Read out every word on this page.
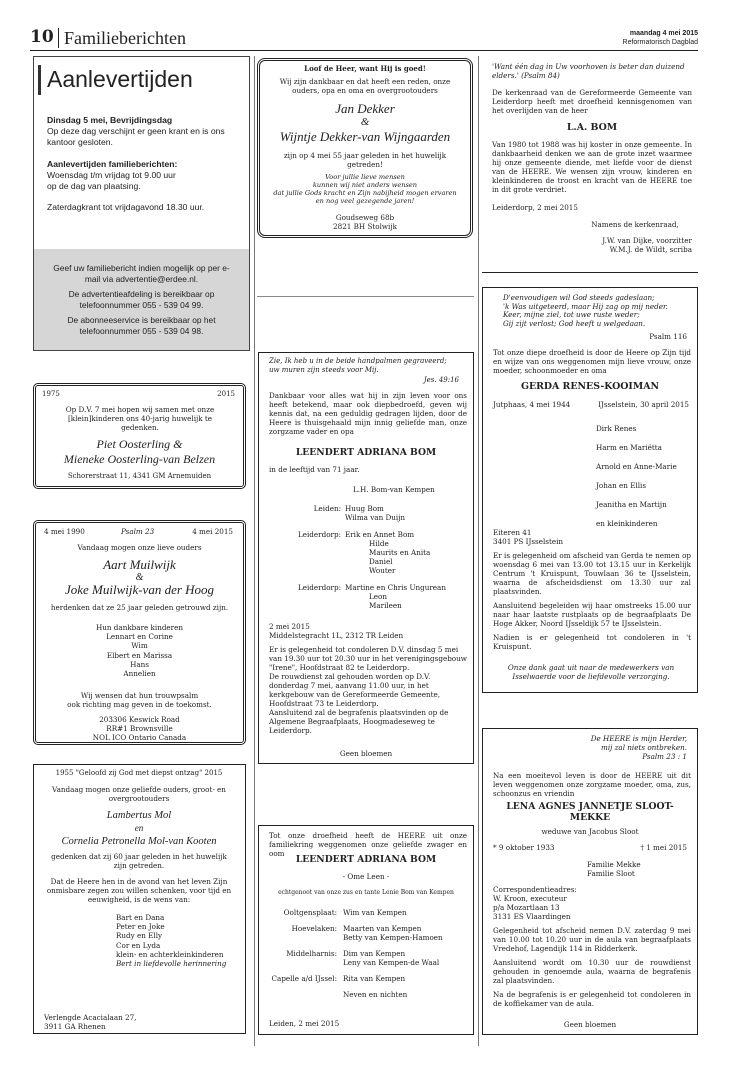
10 Familieberichten	maandag 4 mei 2015
Reformatorisch Dagblad
Aanlevertijden
Dinsdag 5 mei, Bevrijdingsdag
Op deze dag verschijnt er geen krant en is ons kantoor gesloten.
Aanlevertijden familieberichten:
Woensdag t/m vrijdag tot 9.00 uur
op de dag van plaatsing.
Zaterdagkrant tot vrijdagavond 18.30 uur.
Geef uw familiebericht indien mogelijk op per e-mail via advertentie@erdee.nl.
De advertentieafdeling is bereikbaar op telefoonnummer 055 - 539 04 99.
De abonneeservice is bereikbaar op het telefoonnummer 055 - 539 04 98.
1975	2015
Op D.V. 7 mei hopen wij samen met onze [klein]kinderen ons 40-jarig huwelijk te gedenken.
Piet Oosterling &
Mieneke Oosterling-van Belzen
Schorerstraat 11, 4341 GM Arnemuiden
4 mei 1990	Psalm 23	4 mei 2015
Vandaag mogen onze lieve ouders
Aart Muilwijk
&
Joke Muilwijk-van der Hoog
herdenken dat ze 25 jaar geleden getrouwd zijn.
Hun dankbare kinderen
Lennart en Corine
Wim
Elbert en Marissa
Hans
Annelien
Wij wensen dat hun trouwpsalm
ook richting mag geven in de toekomst.
203306 Keswick Road
RR#1 Brownsville
NOL ICO Ontario Canada
1955 "Geloofd zij God met diepst ontzag" 2015
Vandaag mogen onze geliefde ouders, groot- en overgrootouders
Lambertus Mol
en
Cornelia Petronella Mol-van Kooten
gedenken dat zij 60 jaar geleden in het huwelijk zijn getreden.
Dat de Heere hen in de avond van het leven Zijn onmisbare zegen zou willen schenken, voor tijd en eeuwigheid, is de wens van:
Bart en Dana
Peter en Joke
Rudy en Elly
Cor en Lyda
klein- en achterkleinkinderen
Bert in liefdevolle herinnering
Verlengde Acacialaan 27,
3911 GA Rhenen
Loof de Heer, want Hij is goed!
Wij zijn dankbaar en dat heeft een reden, onze ouders, opa en oma en overgrootouders
Jan Dekker
&
Wijntje Dekker-van Wijngaarden
zijn op 4 mei 55 jaar geleden in het huwelijk getreden!
Voor jullie lieve mensen
kunnen wij niet anders wensen
dat jullie Gods kracht en Zijn nabijheid mogen ervaren
en nog veel gezegende jaren!
Goudseweg 68b
2821 BH Stolwijk
Zie, Ik heb u in de beide handpalmen gegraveerd;
uw muren zijn steeds voor Mij.
Jes. 49:16
Dankbaar voor alles wat hij in zijn leven voor ons heeft betekend, maar ook diepbedroefd, geven wij kennis dat, na een geduldig gedragen lijden, door de Heere is thuisgehaald mijn innig geliefde man, onze zorgzame vader en opa
LEENDERT ADRIANA BOM
in de leeftijd van 71 jaar.
L.H. Bom-van Kempen
Leiden: Huug Bom
Wilma van Duijn
Leiderdorp: Erik en Annet Bom
Hilde
Maurits en Anita
Daniel
Wouter
Leiderdorp: Martine en Chris Ungurean
Leon
Marileen
2 mei 2015
Middelstegracht 1L, 2312 TR Leiden
Er is gelegenheid tot condoleren D.V. dinsdag 5 mei van 19.30 uur tot 20.30 uur in het verenigingsgebouw "Irene", Hoofdstraat 82 te Leiderdorp.
De rouwdienst zal gehouden worden op D.V. donderdag 7 mei, aanvang 11.00 uur, in het kerkgebouw van de Gereformeerde Gemeente, Hoofdstraat 73 te Leiderdorp.
Aansluitend zal de begrafenis plaatsvinden op de Algemene Begraafplaats, Hoogmadeseweg te Leiderdorp.
Geen bloemen
Tot onze droefheid heeft de HEERE uit onze familiekring weggenomen onze geliefde zwager en oom
LEENDERT ADRIANA BOM
- Ome Leen -
echtgenoot van onze zus en tante Lenie Bom van Kempen
Ooltgensplaat: Wim van Kempen
Hoevelaken: Maarten van Kempen
Betty van Kempen-Hamoen
Middelharnis: Dim van Kempen
Leny van Kempen-de Waal
Capelle a/d IJssel: Rita van Kempen
Neven en nichten
Leiden, 2 mei 2015
'Want één dag in Uw voorhoven is beter dan duizend elders.' (Psalm 84)
De kerkenraad van de Gereformeerde Gemeente van Leiderdorp heeft met droefheid kennisgenomen van het overlijden van de heer
L.A. BOM
Van 1980 tot 1988 was hij koster in onze gemeente. In dankbaarheid denken we aan de grote inzet waarmee hij onze gemeente diende, met liefde voor de dienst van de HEERE. We wensen zijn vrouw, kinderen en kleinkinderen de troost en kracht van de HEERE toe in dit grote verdriet.
Leiderdorp, 2 mei 2015
Namens de kerkenraad,
J.W. van Dijke, voorzitter
W.M.J. de Wildt, scriba
D'eenvoudigen wil God steeds gadeslaan;
'k Was uitgeteerd, maar Hij zag op mij neder.
Keer, mijne ziel, tot uwe ruste weder;
Gij zijt verlost; God heeft u welgedaan.
Psalm 116
Tot onze diepe droefheid is door de Heere op Zijn tijd en wijze van ons weggenomen mijn lieve vrouw, onze moeder, schoonmoeder en oma
GERDA RENES-KOOIMAN
Jutphaas, 4 mei 1944	IJsselstein, 30 april 2015
Dirk Renes
Harm en Mariëtta
Arnold en Anne-Marie
Johan en Ellis
Jeanitha en Martijn
en kleinkinderen
Eiteren 41
3401 PS IJsselstein
Er is gelegenheid om afscheid van Gerda te nemen op woensdag 6 mei van 13.00 tot 13.15 uur in Kerkelijk Centrum 't Kruispunt, Touwlaan 36 te IJsselstein, waarna de afscheidsdienst om 13.30 uur zal plaatsvinden.
Aansluitend begeleiden wij haar omstreeks 15.00 uur naar haar laatste rustplaats op de begraafplaats De Hoge Akker, Noord IJsseldijk 57 te IJsselstein.
Nadien is er gelegenheid tot condoleren in 't Kruispunt.
Onze dank gaat uit naar de medewerkers van Isselwaerde voor de liefdevolle verzorging.
De HEERE is mijn Herder,
mij zal niets ontbreken.
Psalm 23 : 1
Na een moeitevol leven is door de HEERE uit dit leven weggenomen onze zorgzame moeder, oma, zus, schoonzus en vriendin
LENA AGNES JANNETJE SLOOT-
MEKKE
weduwe van Jacobus Sloot
* 9 oktober 1933	† 1 mei 2015
Familie Mekke
Familie Sloot
Correspondentieadres:
W. Kroon, executeur
p/a Mozartlaan 13
3131 ES Vlaardingen
Gelegenheid tot afscheid nemen D.V. zaterdag 9 mei van 10.00 tot 10.20 uur in de aula van begraafplaats Vredehof, Lagendijk 114 in Ridderkerk.
Aansluitend wordt om 10.30 uur de rouwdienst gehouden in genoemde aula, waarna de begrafenis zal plaatsvinden.
Na de begrafenis is er gelegenheid tot condoleren in de koffiekamer van de aula.
Geen bloemen
